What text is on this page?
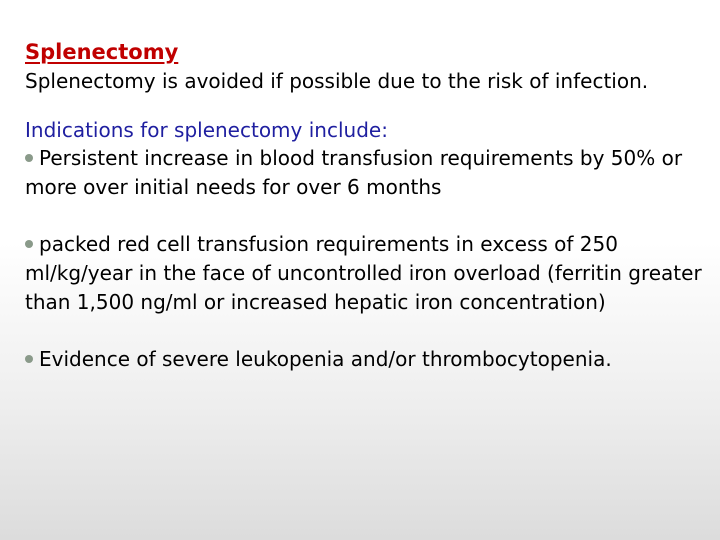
Splenectomy

Splenectomy is avoided if possible due to the risk of infection.

Indications for splenectomy include:

Persistent increase in blood transfusion requirements by 50% or more over initial needs for over 6 months

packed red cell transfusion requirements in excess of 250 ml/kg/year in the face of uncontrolled iron overload (ferritin greater than 1,500 ng/ml or increased hepatic iron concentration)

Evidence of severe leukopenia and/or thrombocytopenia.
